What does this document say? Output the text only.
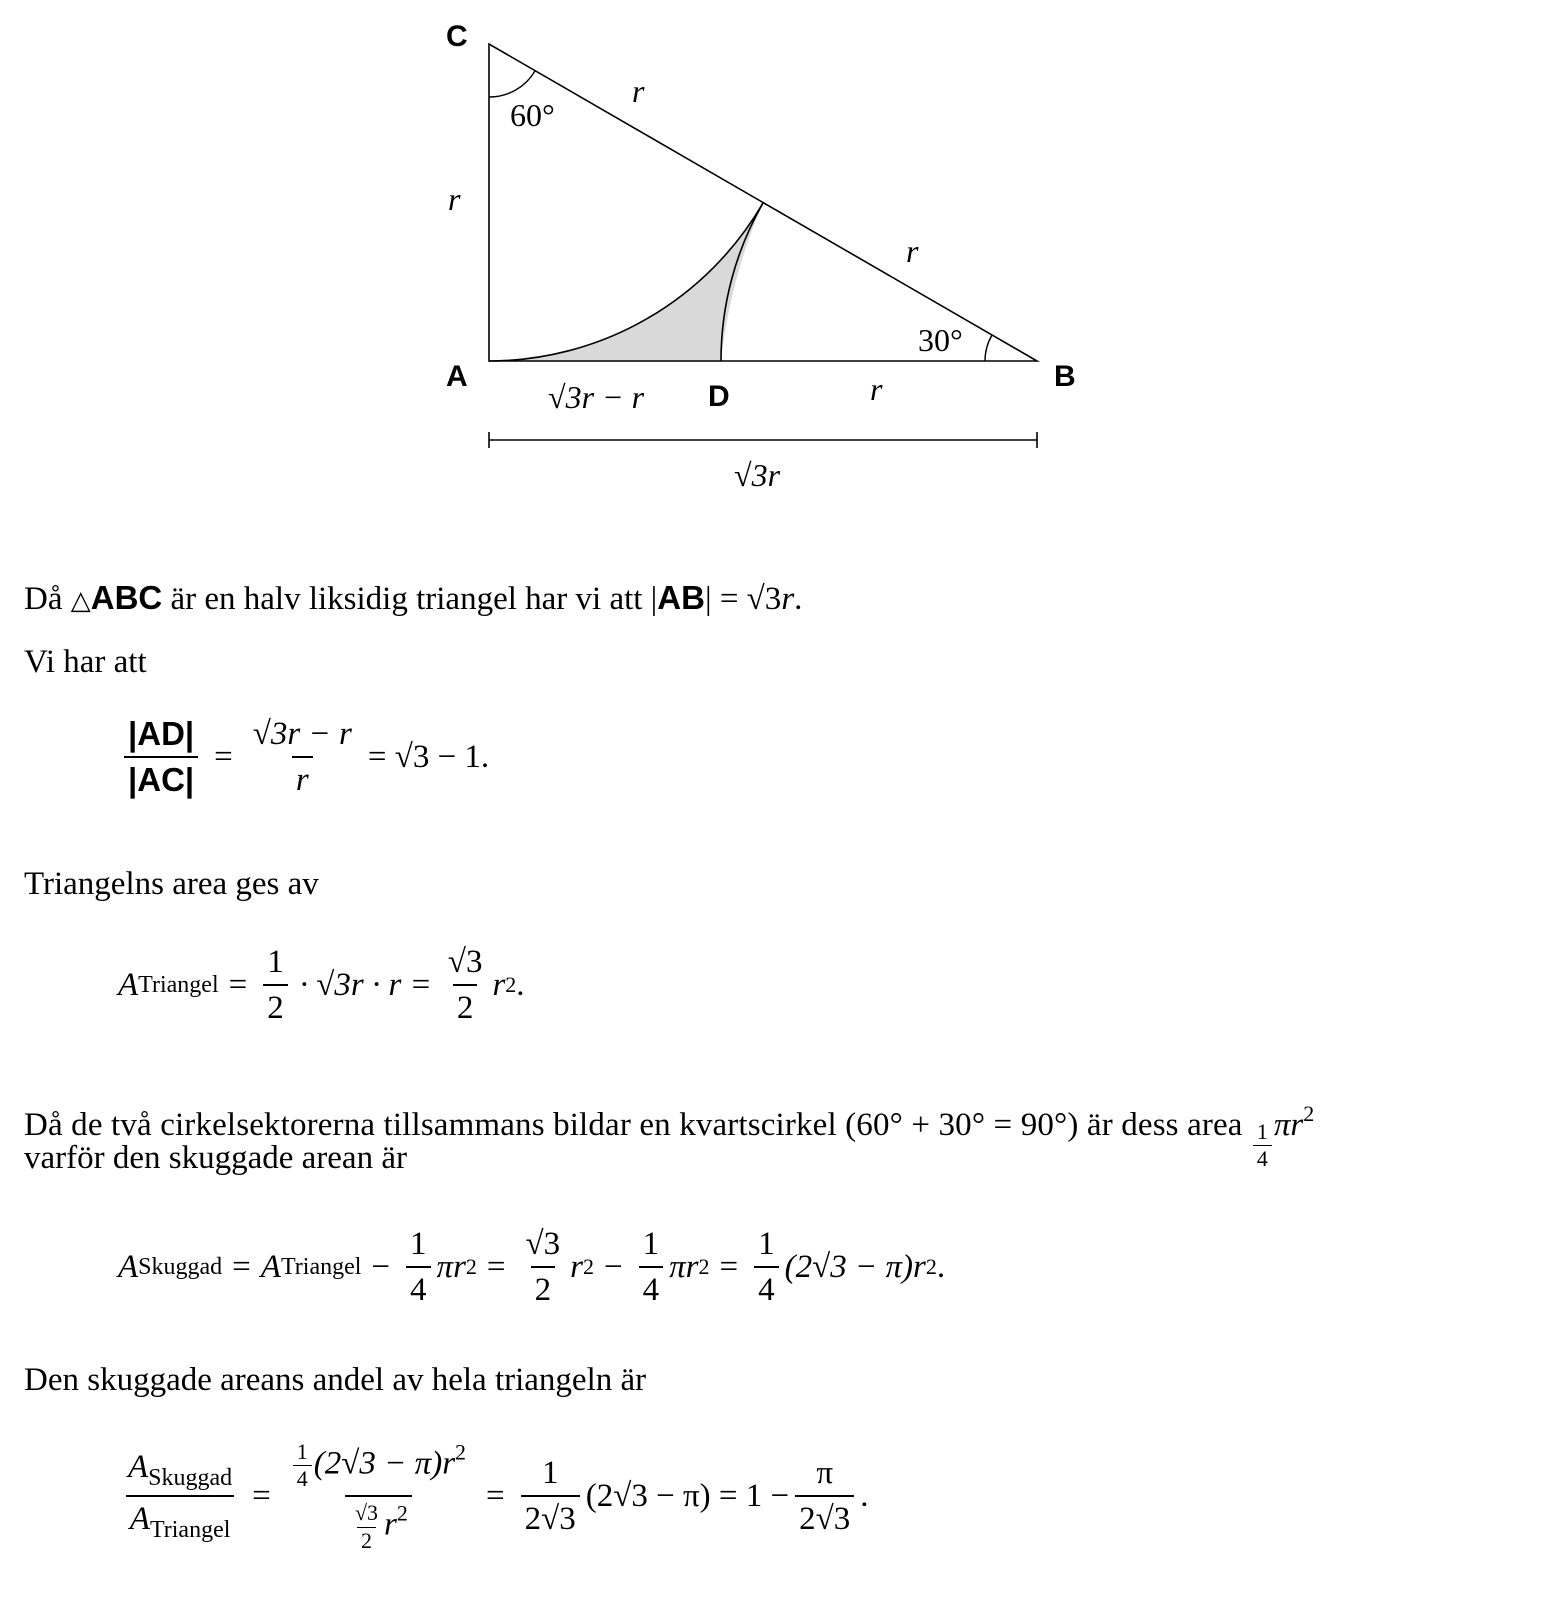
C
A	B
D
r
r
r
√3r − r	r
√3r
60°
30°
Då △ABC är en halv liksidig triangel har vi att |AB| = √3r.
Vi har att
$\frac{|AD|}{|AC|} = \frac{√3r - r}{r} = √3 - 1$.
Triangelns area ges av
A Triangel = $\frac{1}{2} \cdot √3r \cdot r = \frac{√3}{2}$ r 2 .
Då de två cirkelsektorerna tillsammans bildar en kvartscirkel (60° + 30° = 90°) är dess area $\frac{1}{4} \pi r^2$
varför den skuggade arean är
A Skuggad = A Triangel − $\frac{1}{4}$ πr $2 = \frac{√3}{2}$ r $2 - \frac{1}{4}$ πr $2 = \frac{1}{4} (2√3 - \pi)r$ 2 .
Den skuggade areans andel av hela triangeln är
$\frac{A_{Skuggad}}{A_{Triangel}} = \frac{\frac{1}{4} (2√3 - \pi)r^2}{\frac{√3}{2} r^2} = \frac{1}{2√3} (2√3 - \pi) = 1 - \frac{\pi}{2√3}$ .
